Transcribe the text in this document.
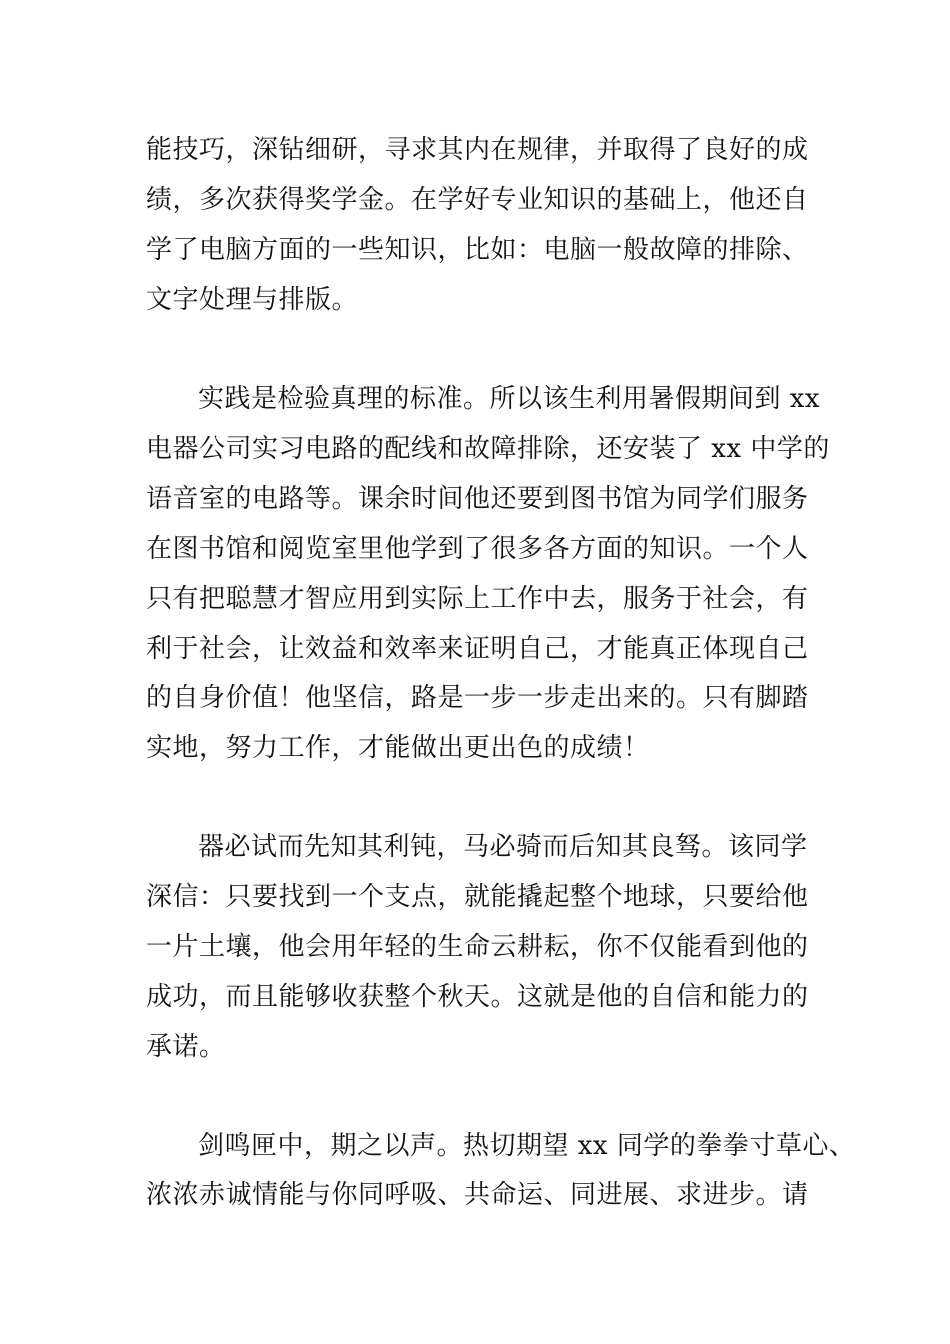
能技巧，深钻细研，寻求其内在规律，并取得了良好的成
绩，多次获得奖学金。在学好专业知识的基础上，他还自
学了电脑方面的一些知识，比如：电脑一般故障的排除、
文字处理与排版。
实践是检验真理的标准。所以该生利用暑假期间到 xx
电器公司实习电路的配线和故障排除，还安装了 xx 中学的
语音室的电路等。课余时间他还要到图书馆为同学们服务
在图书馆和阅览室里他学到了很多各方面的知识。一个人
只有把聪慧才智应用到实际上工作中去，服务于社会，有
利于社会，让效益和效率来证明自己，才能真正体现自己
的自身价值！他坚信，路是一步一步走出来的。只有脚踏
实地，努力工作，才能做出更出色的成绩！
器必试而先知其利钝，马必骑而后知其良驽。该同学
深信：只要找到一个支点，就能撬起整个地球，只要给他
一片土壤，他会用年轻的生命云耕耘，你不仅能看到他的
成功，而且能够收获整个秋天。这就是他的自信和能力的
承诺。
剑鸣匣中，期之以声。热切期望 xx 同学的拳拳寸草心、
浓浓赤诚情能与你同呼吸、共命运、同进展、求进步。请
